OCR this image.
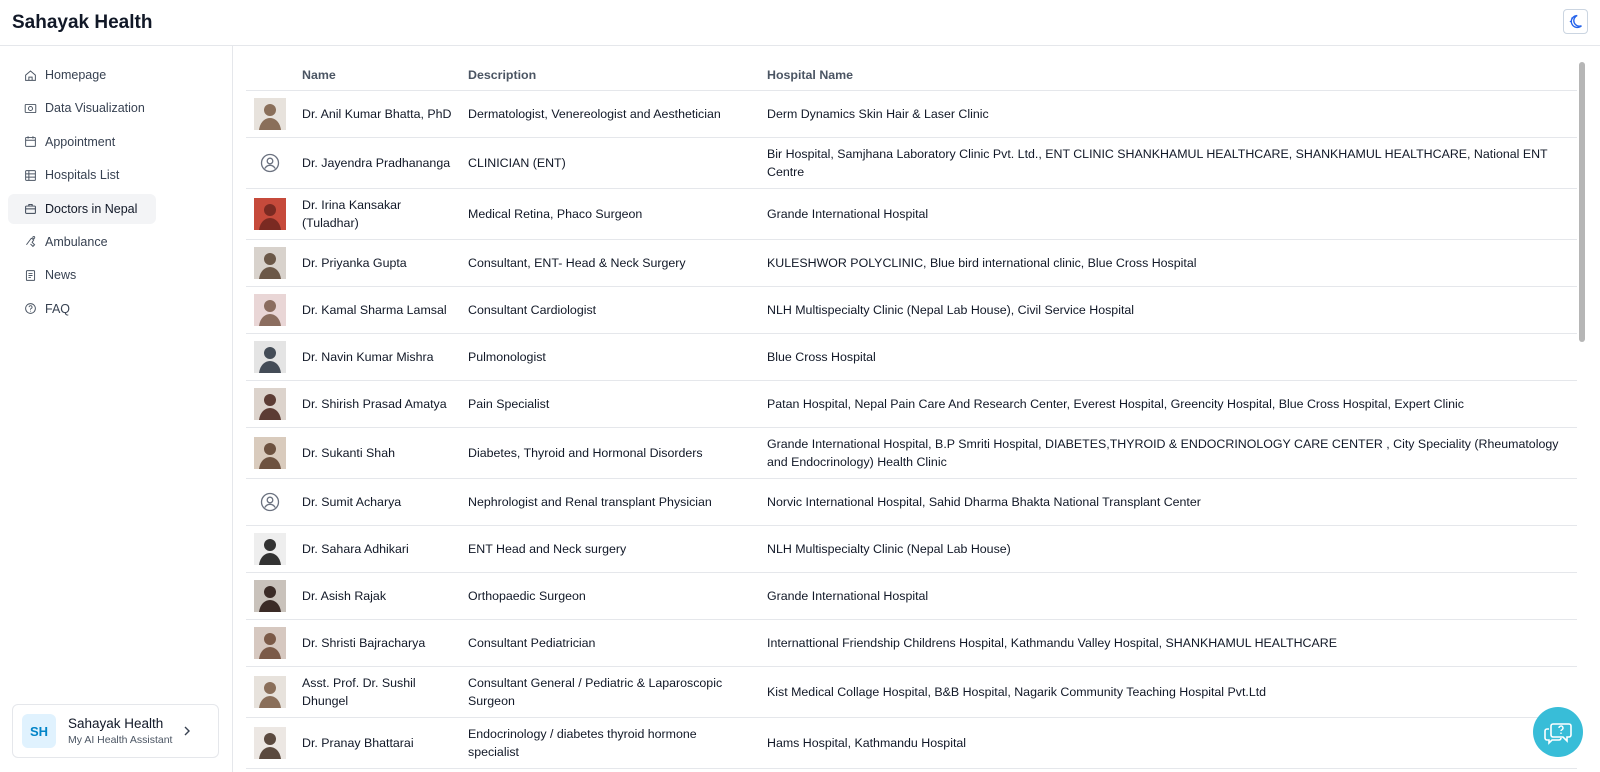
Sahayak Health
Homepage
Data Visualization
Appointment
Hospitals List
Doctors in Nepal
Ambulance
News
FAQ
SH	Sahayak Health
My AI Health Assistant
	Name	Description	Hospital Name

	Dr. Anil Kumar Bhatta, PhD	Dermatologist, Venereologist and Aesthetician	Derm Dynamics Skin Hair & Laser Clinic

	Dr. Jayendra Pradhananga	CLINICIAN (ENT)	Bir Hospital, Samjhana Laboratory Clinic Pvt. Ltd., ENT CLINIC SHANKHAMUL HEALTHCARE, SHANKHAMUL HEALTHCARE, National ENT Centre

	Dr. Irina Kansakar (Tuladhar)	Medical Retina, Phaco Surgeon	Grande International Hospital

	Dr. Priyanka Gupta	Consultant, ENT- Head & Neck Surgery	KULESHWOR POLYCLINIC, Blue bird international clinic, Blue Cross Hospital

	Dr. Kamal Sharma Lamsal	Consultant Cardiologist	NLH Multispecialty Clinic (Nepal Lab House), Civil Service Hospital

	Dr. Navin Kumar Mishra	Pulmonologist	Blue Cross Hospital

	Dr. Shirish Prasad Amatya	Pain Specialist	Patan Hospital, Nepal Pain Care And Research Center, Everest Hospital, Greencity Hospital, Blue Cross Hospital, Expert Clinic

	Dr. Sukanti Shah	Diabetes, Thyroid and Hormonal Disorders	Grande International Hospital, B.P Smriti Hospital, DIABETES,THYROID & ENDOCRINOLOGY CARE CENTER , City Speciality (Rheumatology and Endocrinology) Health Clinic

	Dr. Sumit Acharya	Nephrologist and Renal transplant Physician	Norvic International Hospital, Sahid Dharma Bhakta National Transplant Center

	Dr. Sahara Adhikari	ENT Head and Neck surgery	NLH Multispecialty Clinic (Nepal Lab House)

	Dr. Asish Rajak	Orthopaedic Surgeon	Grande International Hospital

	Dr. Shristi Bajracharya	Consultant Pediatrician	Internattional Friendship Childrens Hospital, Kathmandu Valley Hospital, SHANKHAMUL HEALTHCARE

	Asst. Prof. Dr. Sushil Dhungel	Consultant General / Pediatric & Laparoscopic Surgeon	Kist Medical Collage Hospital, B&B Hospital, Nagarik Community Teaching Hospital Pvt.Ltd

	Dr. Pranay Bhattarai	Endocrinology / diabetes thyroid hormone specialist	Hams Hospital, Kathmandu Hospital
